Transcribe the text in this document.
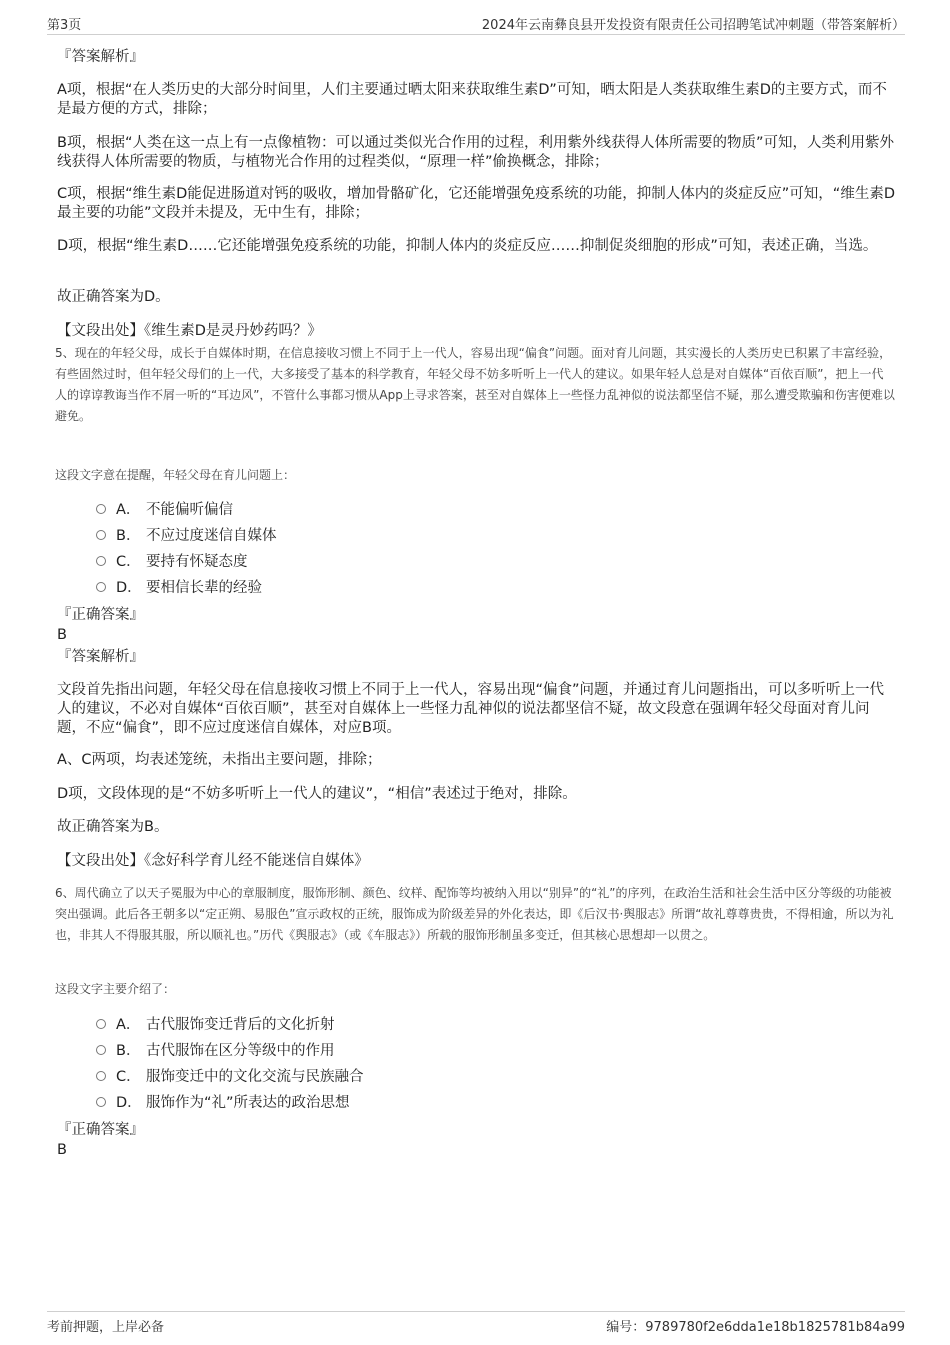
第3页	2024年云南彝良县开发投资有限责任公司招聘笔试冲刺题（带答案解析）

『答案解析』

A项，根据“在人类历史的大部分时间里，人们主要通过晒太阳来获取维生素D”可知，晒太阳是人类获取维生素D的主要方式，而不是最方便的方式，排除；

B项，根据“人类在这一点上有一点像植物：可以通过类似光合作用的过程，利用紫外线获得人体所需要的物质”可知，人类利用紫外线获得人体所需要的物质，与植物光合作用的过程类似，“原理一样”偷换概念，排除；

C项，根据“维生素D能促进肠道对钙的吸收，增加骨骼矿化，它还能增强免疫系统的功能，抑制人体内的炎症反应”可知，“维生素D最主要的功能”文段并未提及，无中生有，排除；

D项，根据“维生素D……它还能增强免疫系统的功能，抑制人体内的炎症反应……抑制促炎细胞的形成”可知，表述正确，当选。

故正确答案为D。

【文段出处】《维生素D是灵丹妙药吗？》

5、现在的年轻父母，成长于自媒体时期，在信息接收习惯上不同于上一代人，容易出现“偏食”问题。面对育儿问题，其实漫长的人类历史已积累了丰富经验，有些固然过时，但年轻父母们的上一代，大多接受了基本的科学教育，年轻父母不妨多听听上一代人的建议。如果年轻人总是对自媒体“百依百顺”，把上一代人的谆谆教诲当作不屑一听的“耳边风”，不管什么事都习惯从App上寻求答案，甚至对自媒体上一些怪力乱神似的说法都坚信不疑，那么遭受欺骗和伤害便难以避免。

这段文字意在提醒，年轻父母在育儿问题上：

A． 不能偏听偏信
B． 不应过度迷信自媒体
C． 要持有怀疑态度
D． 要相信长辈的经验

『正确答案』

B

『答案解析』

文段首先指出问题，年轻父母在信息接收习惯上不同于上一代人，容易出现“偏食”问题，并通过育儿问题指出，可以多听听上一代人的建议，不必对自媒体“百依百顺”，甚至对自媒体上一些怪力乱神似的说法都坚信不疑，故文段意在强调年轻父母面对育儿问题，不应“偏食”，即不应过度迷信自媒体，对应B项。

A、C两项，均表述笼统，未指出主要问题，排除；

D项，文段体现的是“不妨多听听上一代人的建议”，“相信”表述过于绝对，排除。

故正确答案为B。

【文段出处】《念好科学育儿经不能迷信自媒体》

6、周代确立了以天子冕服为中心的章服制度，服饰形制、颜色、纹样、配饰等均被纳入用以“别异”的“礼”的序列，在政治生活和社会生活中区分等级的功能被突出强调。此后各王朝多以“定正朔、易服色”宣示政权的正统，服饰成为阶级差异的外化表达，即《后汉书·舆服志》所谓“故礼尊尊贵贵，不得相逾，所以为礼也，非其人不得服其服，所以顺礼也。”历代《舆服志》（或《车服志》）所载的服饰形制虽多变迁，但其核心思想却一以贯之。

这段文字主要介绍了：

A． 古代服饰变迁背后的文化折射
B． 古代服饰在区分等级中的作用
C． 服饰变迁中的文化交流与民族融合
D． 服饰作为“礼”所表达的政治思想

『正确答案』

B

考前押题，上岸必备	编号：9789780f2e6dda1e18b1825781b84a99
